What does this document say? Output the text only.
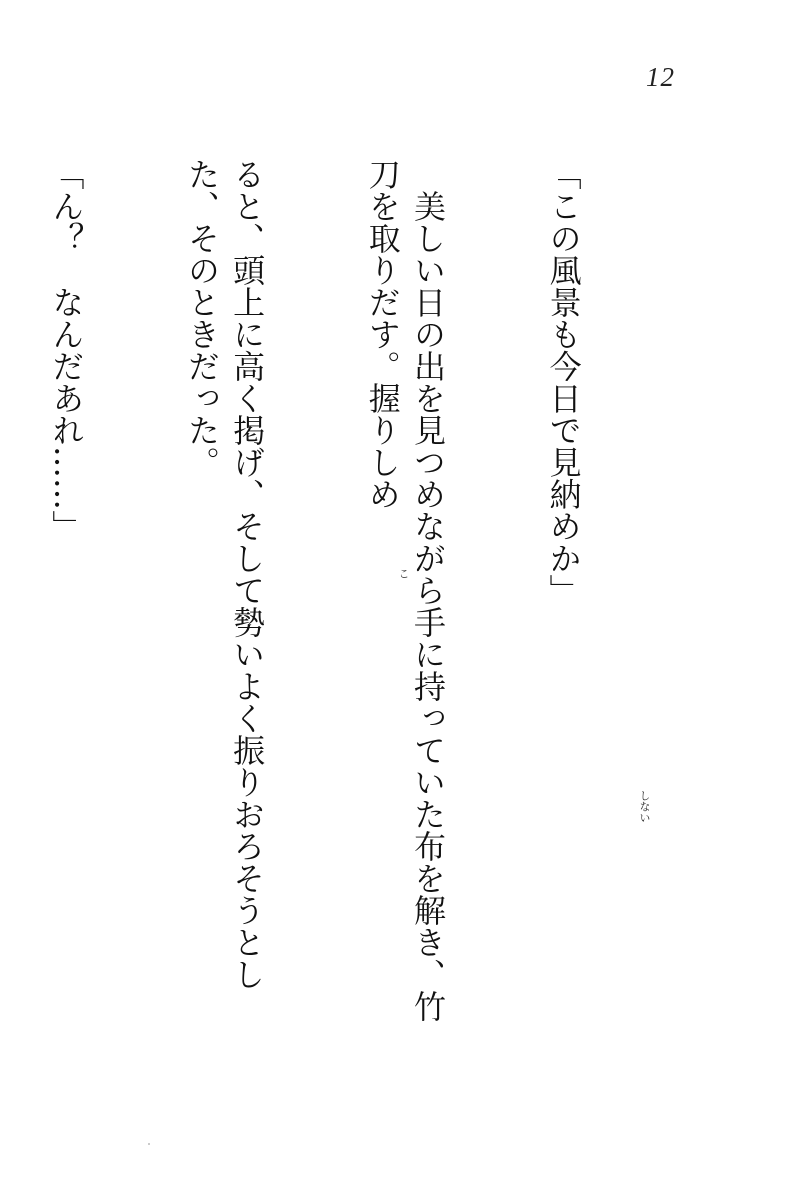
12

「この風景も今日で見納めか」

　美しい日の出を見つめながら手に持っていた布を解き、竹刀を取りだす。握りしめ

ると、頭上に高く掲げ、そして勢いよく振りおろそうとした、そのときだった。

「ん？　なんだあれ……」

しない
こ
